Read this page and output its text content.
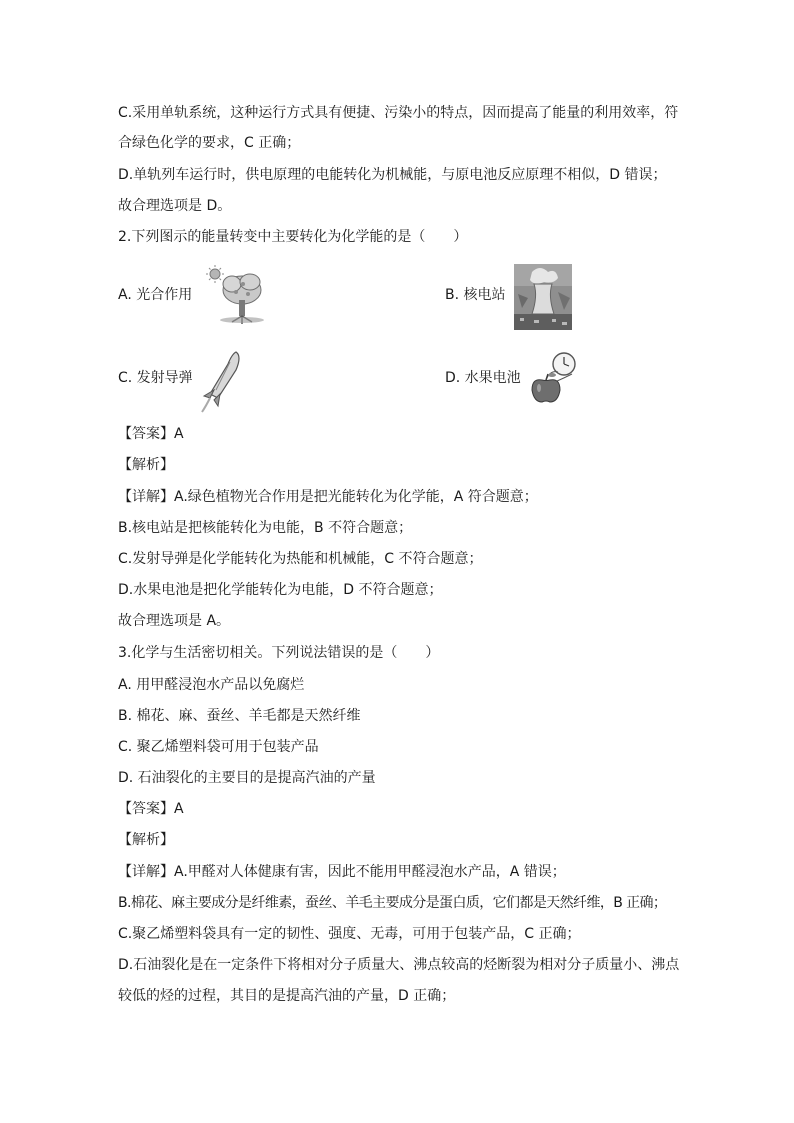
C.采用单轨系统，这种运行方式具有便捷、污染小的特点，因而提高了能量的利用效率，符
合绿色化学的要求，C 正确；
D.单轨列车运行时，供电原理的电能转化为机械能，与原电池反应原理不相似，D 错误；
故合理选项是 D。
2.下列图示的能量转变中主要转化为化学能的是（　　）
A. 光合作用	B. 核电站
C. 发射导弹	D. 水果电池
【答案】A
【解析】
【详解】A.绿色植物光合作用是把光能转化为化学能，A 符合题意；
B.核电站是把核能转化为电能，B 不符合题意；
C.发射导弹是化学能转化为热能和机械能，C 不符合题意；
D.水果电池是把化学能转化为电能，D 不符合题意；
故合理选项是 A。
3.化学与生活密切相关。下列说法错误的是（　　）
A. 用甲醛浸泡水产品以免腐烂
B. 棉花、麻、蚕丝、羊毛都是天然纤维
C. 聚乙烯塑料袋可用于包装产品
D. 石油裂化的主要目的是提高汽油的产量
【答案】A
【解析】
【详解】A.甲醛对人体健康有害，因此不能用甲醛浸泡水产品，A 错误；
B.棉花、麻主要成分是纤维素，蚕丝、羊毛主要成分是蛋白质，它们都是天然纤维，B 正确；
C.聚乙烯塑料袋具有一定的韧性、强度、无毒，可用于包装产品，C 正确；
D.石油裂化是在一定条件下将相对分子质量大、沸点较高的烃断裂为相对分子质量小、沸点
较低的烃的过程，其目的是提高汽油的产量，D 正确；
